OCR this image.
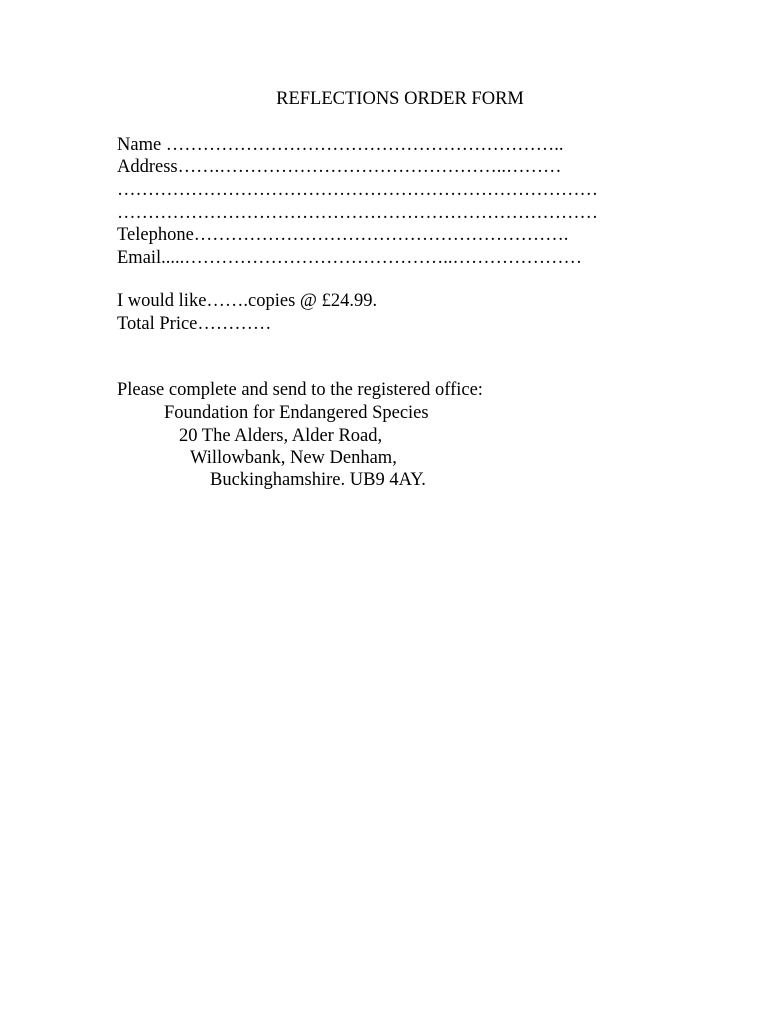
REFLECTIONS ORDER FORM
Name ………………………………………………………..
Address…….………………………………………..………
……………………………………………………………………
……………………………………………………………………
Telephone…………………………………………………….
Email.....……………………………………..…………………
I would like…….copies @ £24.99.
Total Price…………
Please complete and send to the registered office:
Foundation for Endangered Species
20 The Alders, Alder Road,
Willowbank, New Denham,
Buckinghamshire. UB9 4AY.
